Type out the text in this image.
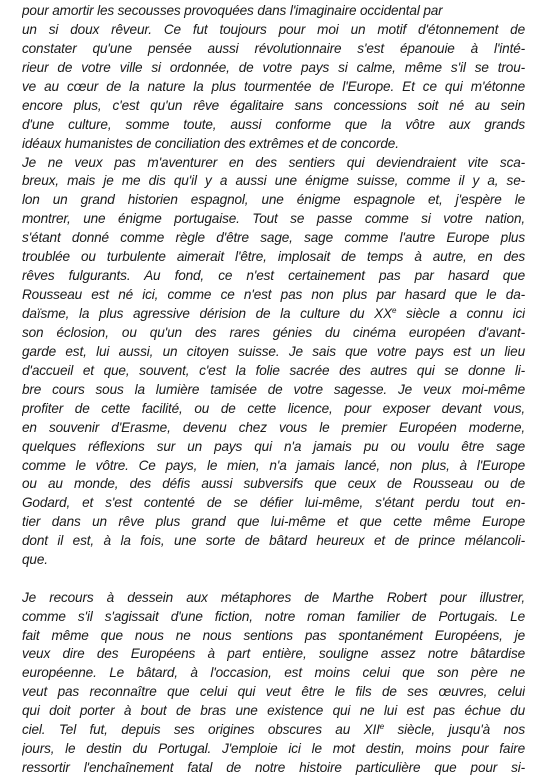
pour amortir les secousses provoquées dans l'imaginaire occidental par
un si doux rêveur. Ce fut toujours pour moi un motif d'étonnement de
constater qu'une pensée aussi révolutionnaire s'est épanouie à l'inté-
rieur de votre ville si ordonnée, de votre pays si calme, même s'il se trou-
ve au cœur de la nature la plus tourmentée de l'Europe. Et ce qui m'étonne
encore plus, c'est qu'un rêve égalitaire sans concessions soit né au sein
d'une culture, somme toute, aussi conforme que la vôtre aux grands
idéaux humanistes de conciliation des extrêmes et de concorde.
Je ne veux pas m'aventurer en des sentiers qui deviendraient vite sca-
breux, mais je me dis qu'il y a aussi une énigme suisse, comme il y a, se-
lon un grand historien espagnol, une énigme espagnole et, j'espère le
montrer, une énigme portugaise. Tout se passe comme si votre nation,
s'étant donné comme règle d'être sage, sage comme l'autre Europe plus
troublée ou turbulente aimerait l'être, implosait de temps à autre, en des
rêves fulgurants. Au fond, ce n'est certainement pas par hasard que
Rousseau est né ici, comme ce n'est pas non plus par hasard que le da-
daïsme, la plus agressive dérision de la culture du XXe siècle a connu ici
son éclosion, ou qu'un des rares génies du cinéma européen d'avant-
garde est, lui aussi, un citoyen suisse. Je sais que votre pays est un lieu
d'accueil et que, souvent, c'est la folie sacrée des autres qui se donne li-
bre cours sous la lumière tamisée de votre sagesse. Je veux moi-même
profiter de cette facilité, ou de cette licence, pour exposer devant vous,
en souvenir d'Erasme, devenu chez vous le premier Européen moderne,
quelques réflexions sur un pays qui n'a jamais pu ou voulu être sage
comme le vôtre. Ce pays, le mien, n'a jamais lancé, non plus, à l'Europe
ou au monde, des défis aussi subversifs que ceux de Rousseau ou de
Godard, et s'est contenté de se défier lui-même, s'étant perdu tout en-
tier dans un rêve plus grand que lui-même et que cette même Europe
dont il est, à la fois, une sorte de bâtard heureux et de prince mélancoli-
que.
Je recours à dessein aux métaphores de Marthe Robert pour illustrer,
comme s'il s'agissait d'une fiction, notre roman familier de Portugais. Le
fait même que nous ne nous sentions pas spontanément Européens, je
veux dire des Européens à part entière, souligne assez notre bâtardise
européenne. Le bâtard, à l'occasion, est moins celui que son père ne
veut pas reconnaître que celui qui veut être le fils de ses œuvres, celui
qui doit porter à bout de bras une existence qui ne lui est pas échue du
ciel. Tel fut, depuis ses origines obscures au XIIe siècle, jusqu'à nos
jours, le destin du Portugal. J'emploie ici le mot destin, moins pour faire
ressortir l'enchaînement fatal de notre histoire particulière que pour si-
